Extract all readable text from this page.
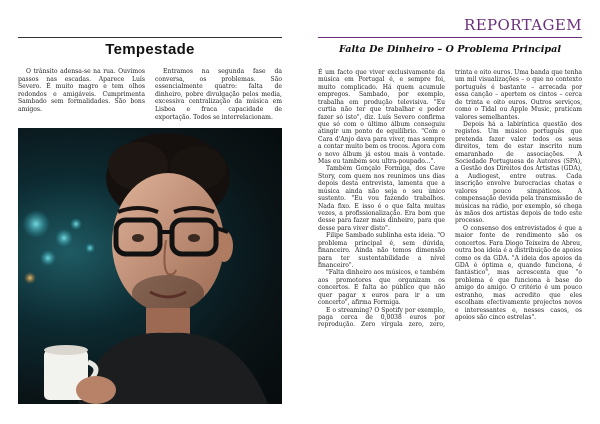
Tempestade

O trânsito adensa-se na rua. Ouvimos passos nas escadas. Aparece Luís Severo. É muito magro e tem olhos redondos e amigáveis. Cumprimenta Sambado sem formalidades. São bons amigos.

Entramos na segunda fase da conversa, os problemas. São essencialmente quatro: falta de dinheiro, pobre divulgação pelos media, excessiva centralização da música em Lisboa e fraca capacidade de exportação. Todos se interrelacionam.

REPORTAGEM
Falta De Dinheiro – O Problema Principal

É um facto que viver exclusivamente da música em Portugal é, e sempre foi, muito complicado. Há quem acumule empregos. Sambado, por exemplo, trabalha em produção televisiva. "Eu curtia não ter que trabalhar e poder fazer só isto", diz. Luís Severo confirma que só com o último álbum conseguiu atingir um ponto de equilíbrio. "Com o Cara d'Anjo dava para viver, mas sempre a contar muito bem os trocos. Agora com o novo álbum já estou mais à vontade. Mas eu também sou ultra-poupado...".

Também Gonçalo Formiga, dos Cave Story, com quem nos reunimos uns dias depois desta entrevista, lamenta que a música ainda não seja o seu único sustento. "Eu vou fazendo trabalhos. Nada fixo. E isso é o que falta muitas vezes, a profissionalização. Era bom que desse para fazer mais dinheiro, para que desse para viver disto".

Filipe Sambado sublinha esta ideia. "O problema principal é, sem dúvida, financeiro. Ainda não temos dimensão para ter sustentabilidade a nível financeiro".

"Falta dinheiro aos músicos, e também aos promotores que organizam os concertos. E falta ao público que não quer pagar x euros para ir a um concerto", afirma Formiga.

E o streaming? O Spotify por exemplo, paga cerca de 0,0038 euros por reprodução. Zero vírgula zero, zero, trinta e oito euros. Uma banda que tenha um mil visualizações – o que no contexto português é bastante – arrecada por essa canção – apertem os cintos – cerca de trinta e oito euros. Outros serviços, como o Tidal ou Apple Music, praticam valores semelhantes.

Depois há a labiríntica questão dos registos. Um músico português que pretenda fazer valer todos os seus direitos, tem de estar inscrito num emaranhado de associações. A Sociedade Portuguesa de Autores (SPA), a Gestão dos Direitos dos Artistas (GDA), a Audiogest, entre outras. Cada inscrição envolve burocracias chatas e valores pouco simpáticos. A compensação devida pela transmissão de músicas na rádio, por exemplo, só chega às mãos dos artistas depois de todo este processo.

O consenso dos entrevistados é que a maior fonte de rendimento são os concertos. Fara Diogo Teixeira de Abreu, outra boa ideia é a distribuição de apoios como os da GDA. "A ideia dos apoios da GDA é óptima e, quando funciona, é fantástico", mas acrescenta que "o problema é que funciona à base do amigo do amigo. O critério é um pouco estranho, mas acredito que eles escolham efectivamente projectos novos e interessantes e, nesses casos, os apoios são cinco estrelas".
